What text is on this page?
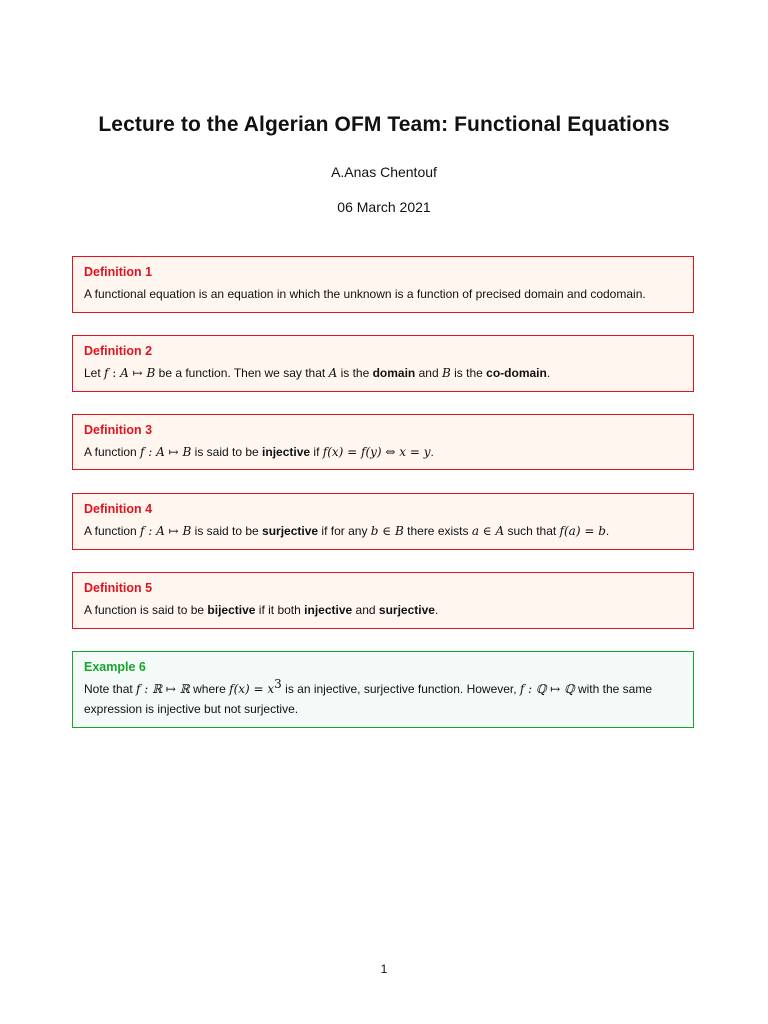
Lecture to the Algerian OFM Team: Functional Equations
A.Anas Chentouf
06 March 2021
Definition 1
A functional equation is an equation in which the unknown is a function of precised domain and codomain.
Definition 2
Let f : A ↦ B be a function. Then we say that A is the domain and B is the co-domain.
Definition 3
A function f : A ↦ B is said to be injective if f(x) = f(y) ⇔ x = y.
Definition 4
A function f : A ↦ B is said to be surjective if for any b ∈ B there exists a ∈ A such that f(a) = b.
Definition 5
A function is said to be bijective if it both injective and surjective.
Example 6
Note that f : ℝ ↦ ℝ where $f(x) = x^3$ is an injective, surjective function. However, f : ℚ ↦ ℚ with the same expression is injective but not surjective.
1
